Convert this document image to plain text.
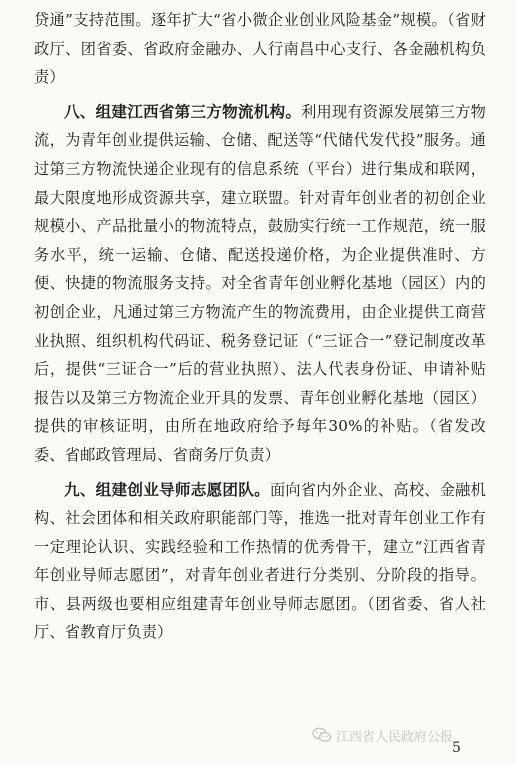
贷通”支持范围。逐年扩大“省小微企业创业风险基金”规模。（省财政厅、团省委、省政府金融办、人行南昌中心支行、各金融机构负责）

八、组建江西省第三方物流机构。利用现有资源发展第三方物流，为青年创业提供运输、仓储、配送等“代储代发代投”服务。通过第三方物流快递企业现有的信息系统（平台）进行集成和联网，最大限度地形成资源共享，建立联盟。针对青年创业者的初创企业规模小、产品批量小的物流特点，鼓励实行统一工作规范，统一服务水平，统一运输、仓储、配送投递价格，为企业提供准时、方便、快捷的物流服务支持。对全省青年创业孵化基地（园区）内的初创企业，凡通过第三方物流产生的物流费用，由企业提供工商营业执照、组织机构代码证、税务登记证（“三证合一”登记制度改革后，提供“三证合一”后的营业执照）、法人代表身份证、申请补贴报告以及第三方物流企业开具的发票、青年创业孵化基地（园区）提供的审核证明，由所在地政府给予每年30%的补贴。（省发改委、省邮政管理局、省商务厅负责）

九、组建创业导师志愿团队。面向省内外企业、高校、金融机构、社会团体和相关政府职能部门等，推选一批对青年创业工作有一定理论认识、实践经验和工作热情的优秀骨干，建立“江西省青年创业导师志愿团”，对青年创业者进行分类别、分阶段的指导。市、县两级也要相应组建青年创业导师志愿团。（团省委、省人社厅、省教育厅负责）

江西省人民政府公报
5
